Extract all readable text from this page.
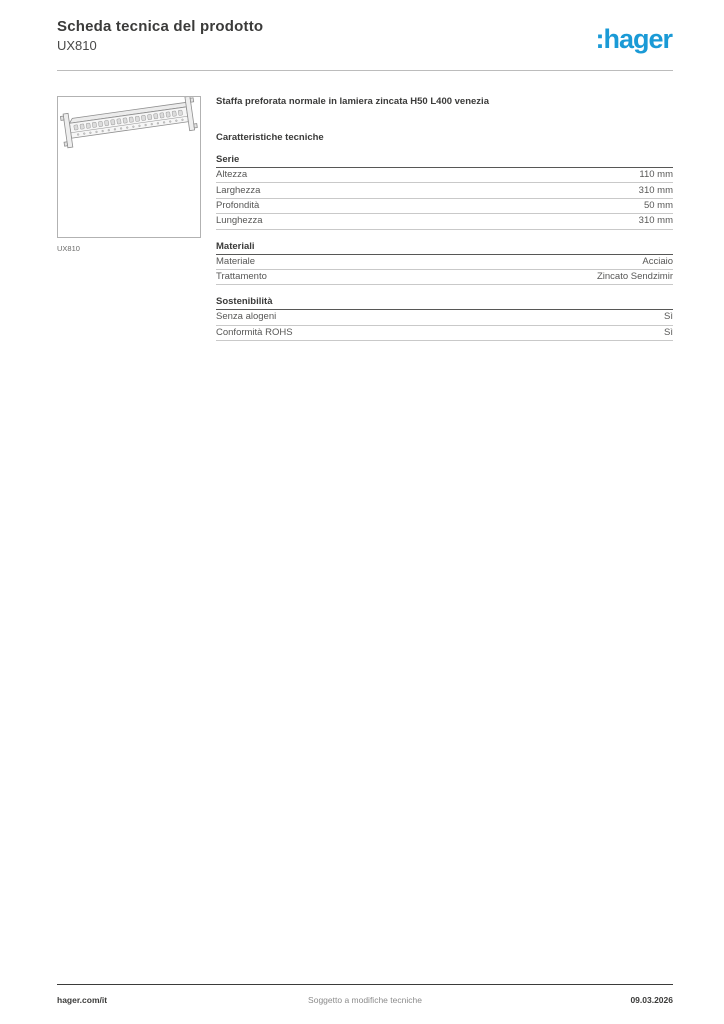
Scheda tecnica del prodotto
UX810	:hager
UX810

Staffa preforata normale in lamiera zincata H50 L400 venezia

Caratteristiche tecniche
Serie
Altezza	110 mm
Larghezza	310 mm
Profondità	50 mm
Lunghezza	310 mm
Materiali
Materiale	Acciaio
Trattamento	Zincato Sendzimir
Sostenibilità
Senza alogeni	Sì
Conformità ROHS	Sì
hager.com/it	Soggetto a modifiche tecniche	09.03.2026
